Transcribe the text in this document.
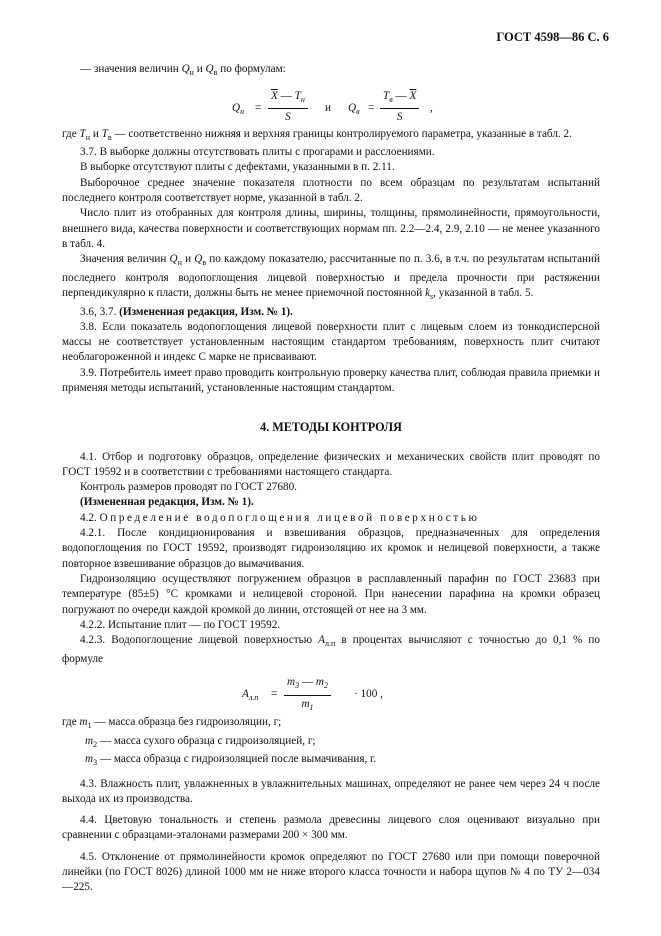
ГОСТ 4598—86 С. 6

— значения величин $Q_н$ и $Q_в$ по формулам:

$Q_н$ =
$\overline{X}$ — $T_н$
S
и $Q_в$ =
$T_в$ — $\overline{X}$
S
,

где $T_н$ и $T_в$ — соответственно нижняя и верхняя границы контролируемого параметра, указанные в табл. 2.

3.7. В выборке должны отсутствовать плиты с прогарами и расслоениями.

В выборке отсутствуют плиты с дефектами, указанными в п. 2.11.

Выборочное среднее значение показателя плотности по всем образцам по результатам испытаний последнего контроля соответствует норме, указанной в табл. 2.

Число плит из отобранных для контроля длины, ширины, толщины, прямолинейности, прямоугольности, внешнего вида, качества поверхности и соответствующих нормам пп. 2.2—2.4, 2.9, 2.10 — не менее указанного в табл. 4.

Значения величин $Q_н$ и $Q_в$ по каждому показателю, рассчитанные по п. 3.6, в т.ч. по результатам испытаний последнего контроля водопоглощения лицевой поверхностью и предела прочности при растяжении перпендикулярно к пласти, должны быть не менее приемочной постоянной $k_s$, указанной в табл. 5.

3.6, 3.7. (Измененная редакция, Изм. № 1).

3.8. Если показатель водопоглощения лицевой поверхности плит с лицевым слоем из тонкодисперсной массы не соответствует установленным настоящим стандартом требованиям, поверхность плит считают необлагороженной и индекс С марке не присваивают.

3.9. Потребитель имеет право проводить контрольную проверку качества плит, соблюдая правила приемки и применяя методы испытаний, установленные настоящим стандартом.

4. МЕТОДЫ КОНТРОЛЯ

4.1. Отбор и подготовку образцов, определение физических и механических свойств плит проводят по ГОСТ 19592 и в соответствии с требованиями настоящего стандарта.

Контроль размеров проводят по ГОСТ 27680.

(Измененная редакция, Изм. № 1).

4.2. Определение водопоглощения лицевой поверхностью

4.2.1. После кондиционирования и взвешивания образцов, предназначенных для определения водопоглощения по ГОСТ 19592, производят гидроизоляцию их кромок и нелицевой поверхности, а также повторное взвешивание образцов до вымачивания.

Гидроизоляцию осуществляют погружением образцов в расплавленный парафин по ГОСТ 23683 при температуре (85±5) °С кромками и нелицевой стороной. При нанесении парафина на кромки образец погружают по очереди каждой кромкой до линии, отстоящей от нее на 3 мм.

4.2.2. Испытание плит — по ГОСТ 19592.

4.2.3. Водопоглощение лицевой поверхностью $A_{л.п}$ в процентах вычисляют с точностью до 0,1 % по формуле

$A_{л.п} = \frac{m_3 — m_2}{m_1} \cdot 100$ ,
где $m_1$ — масса образца без гидроизоляции, г;
$m_2$ — масса сухого образца с гидроизоляцией, г;
$m_3$ — масса образца с гидроизоляцией после вымачивания, г.

4.3. Влажность плит, увлажненных в увлажнительных машинах, определяют не ранее чем через 24 ч после выхода их из производства.

4.4. Цветовую тональность и степень размола древесины лицевого слоя оценивают визуально при сравнении с образцами-эталонами размерами 200 × 300 мм.

4.5. Отклонение от прямолинейности кромок определяют по ГОСТ 27680 или при помощи поверочной линейки (по ГОСТ 8026) длиной 1000 мм не ниже второго класса точности и набора щупов № 4 по ТУ 2—034—225.
